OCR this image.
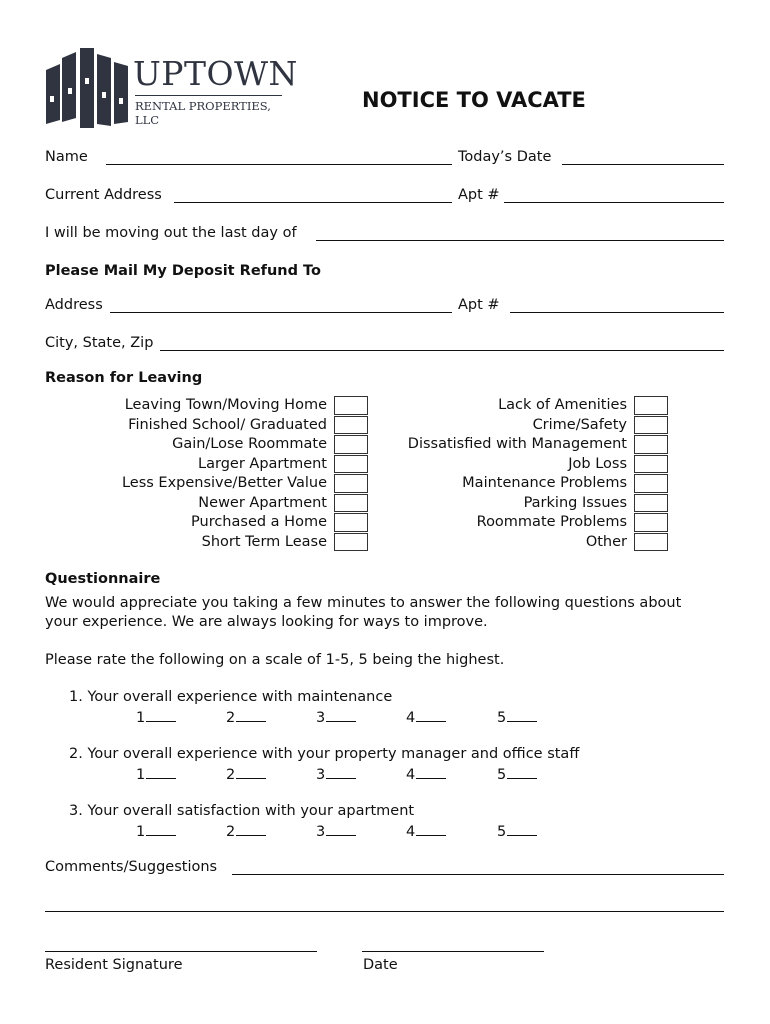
UPTOWN
RENTAL PROPERTIES, LLC
NOTICE TO VACATE
Name	Today’s Date
Current Address	Apt #
I will be moving out the last day of
Please Mail My Deposit Refund To
Address	Apt #
City, State, Zip
Reason for Leaving
Leaving Town/Moving Home
Finished School/ Graduated
Gain/Lose Roommate
Larger Apartment
Less Expensive/Better Value
Newer Apartment
Purchased a Home
Short Term Lease
Lack of Amenities
Crime/Safety
Dissatisfied with Management
Job Loss
Maintenance Problems
Parking Issues
Roommate Problems
Other
Questionnaire
We would appreciate you taking a few minutes to answer the following questions about
your experience. We are always looking for ways to improve.
Please rate the following on a scale of 1-5, 5 being the highest.
1. Your overall experience with maintenance
1	2	3	4	5
2. Your overall experience with your property manager and office staff
1	2	3	4	5
3. Your overall satisfaction with your apartment
1	2	3	4	5
Comments/Suggestions
Resident Signature	Date
